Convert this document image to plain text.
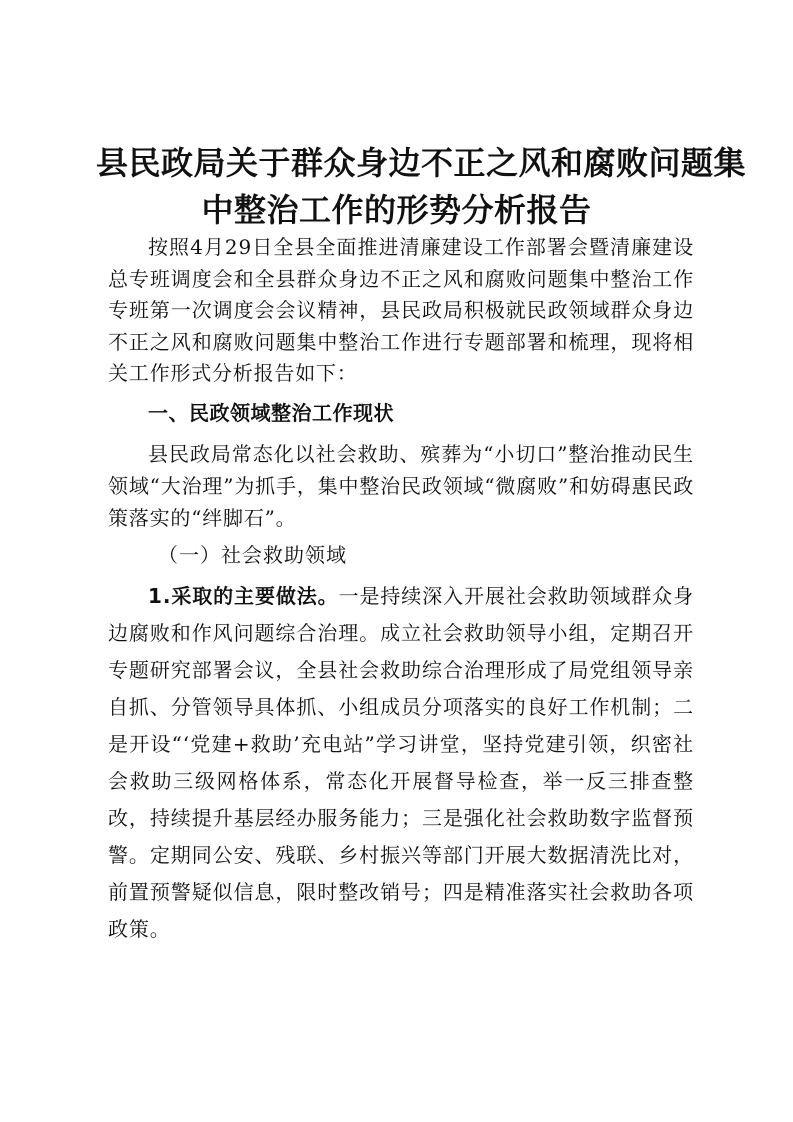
县民政局关于群众身边不正之风和腐败问题集
中整治工作的形势分析报告

按照4月29日全县全面推进清廉建设工作部署会暨清廉建设总专班调度会和全县群众身边不正之风和腐败问题集中整治工作专班第一次调度会会议精神，县民政局积极就民政领域群众身边不正之风和腐败问题集中整治工作进行专题部署和梳理，现将相关工作形式分析报告如下：

一、民政领域整治工作现状

县民政局常态化以社会救助、殡葬为“小切口”整治推动民生领域“大治理”为抓手，集中整治民政领域“微腐败”和妨碍惠民政策落实的“绊脚石”。

（一）社会救助领域

1.采取的主要做法。一是持续深入开展社会救助领域群众身边腐败和作风问题综合治理。成立社会救助领导小组，定期召开专题研究部署会议，全县社会救助综合治理形成了局党组领导亲自抓、分管领导具体抓、小组成员分项落实的良好工作机制；二是开设“‘党建+救助’充电站”学习讲堂，坚持党建引领，织密社会救助三级网格体系，常态化开展督导检查，举一反三排查整改，持续提升基层经办服务能力；三是强化社会救助数字监督预警。定期同公安、残联、乡村振兴等部门开展大数据清洗比对，前置预警疑似信息，限时整改销号；四是精准落实社会救助各项政策。
